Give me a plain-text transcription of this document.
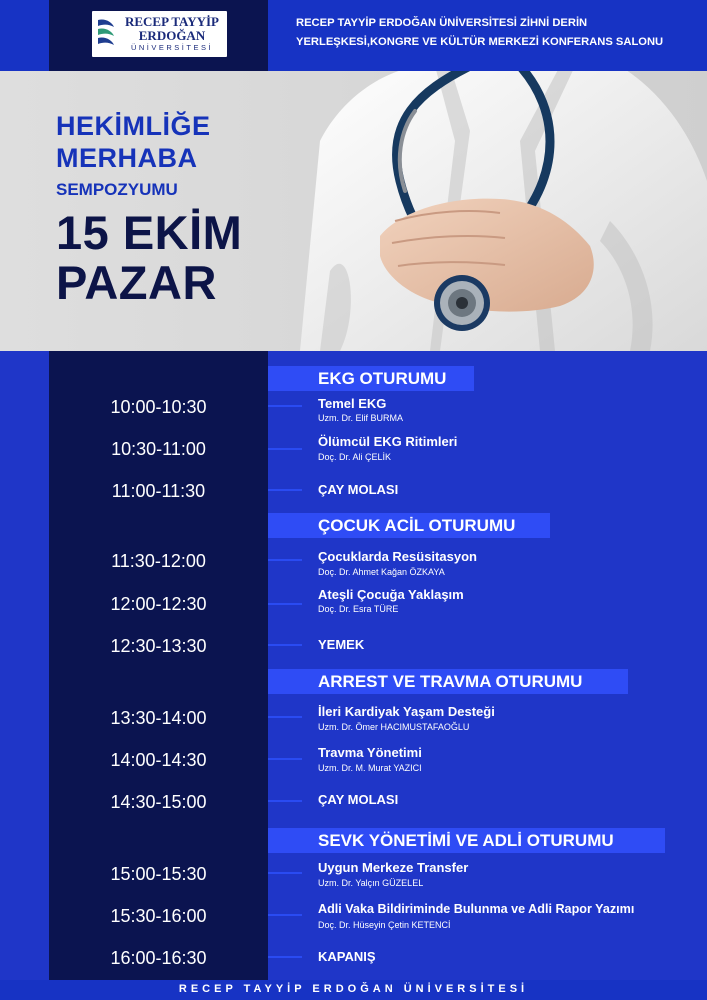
RECEP TAYYİP
ERDOĞAN
ÜNİVERSİTESİ
RECEP TAYYİP ERDOĞAN ÜNİVERSİTESİ ZİHNİ DERİN
YERLEŞKESİ,KONGRE VE KÜLTÜR MERKEZİ KONFERANS SALONU
HEKİMLİĞE
MERHABA
SEMPOZYUMU
15 EKİM
PAZAR
EKG OTURUMU
ÇOCUK ACİL OTURUMU
ARREST VE TRAVMA OTURUMU
SEVK YÖNETİMİ VE ADLİ OTURUMU
10:00-10:30	Temel EKG
Uzm. Dr. Elif BURMA
10:30-11:00	Ölümcül EKG Ritimleri
Doç. Dr. Ali ÇELİK
11:00-11:30	ÇAY MOLASI
11:30-12:00	Çocuklarda Resüsitasyon
Doç. Dr. Ahmet Kağan ÖZKAYA
12:00-12:30	Ateşli Çocuğa Yaklaşım
Doç. Dr. Esra TÜRE
12:30-13:30	YEMEK
13:30-14:00	İleri Kardiyak Yaşam Desteği
Uzm. Dr. Ömer HACIMUSTAFAOĞLU
14:00-14:30	Travma Yönetimi
Uzm. Dr. M. Murat YAZICI
14:30-15:00	ÇAY MOLASI
15:00-15:30	Uygun Merkeze Transfer
Uzm. Dr. Yalçın GÜZELEL
15:30-16:00	Adli Vaka Bildiriminde Bulunma ve Adli Rapor Yazımı
Doç. Dr. Hüseyin Çetin KETENCİ
16:00-16:30	KAPANIŞ
RECEP TAYYİP ERDOĞAN ÜNİVERSİTESİ
